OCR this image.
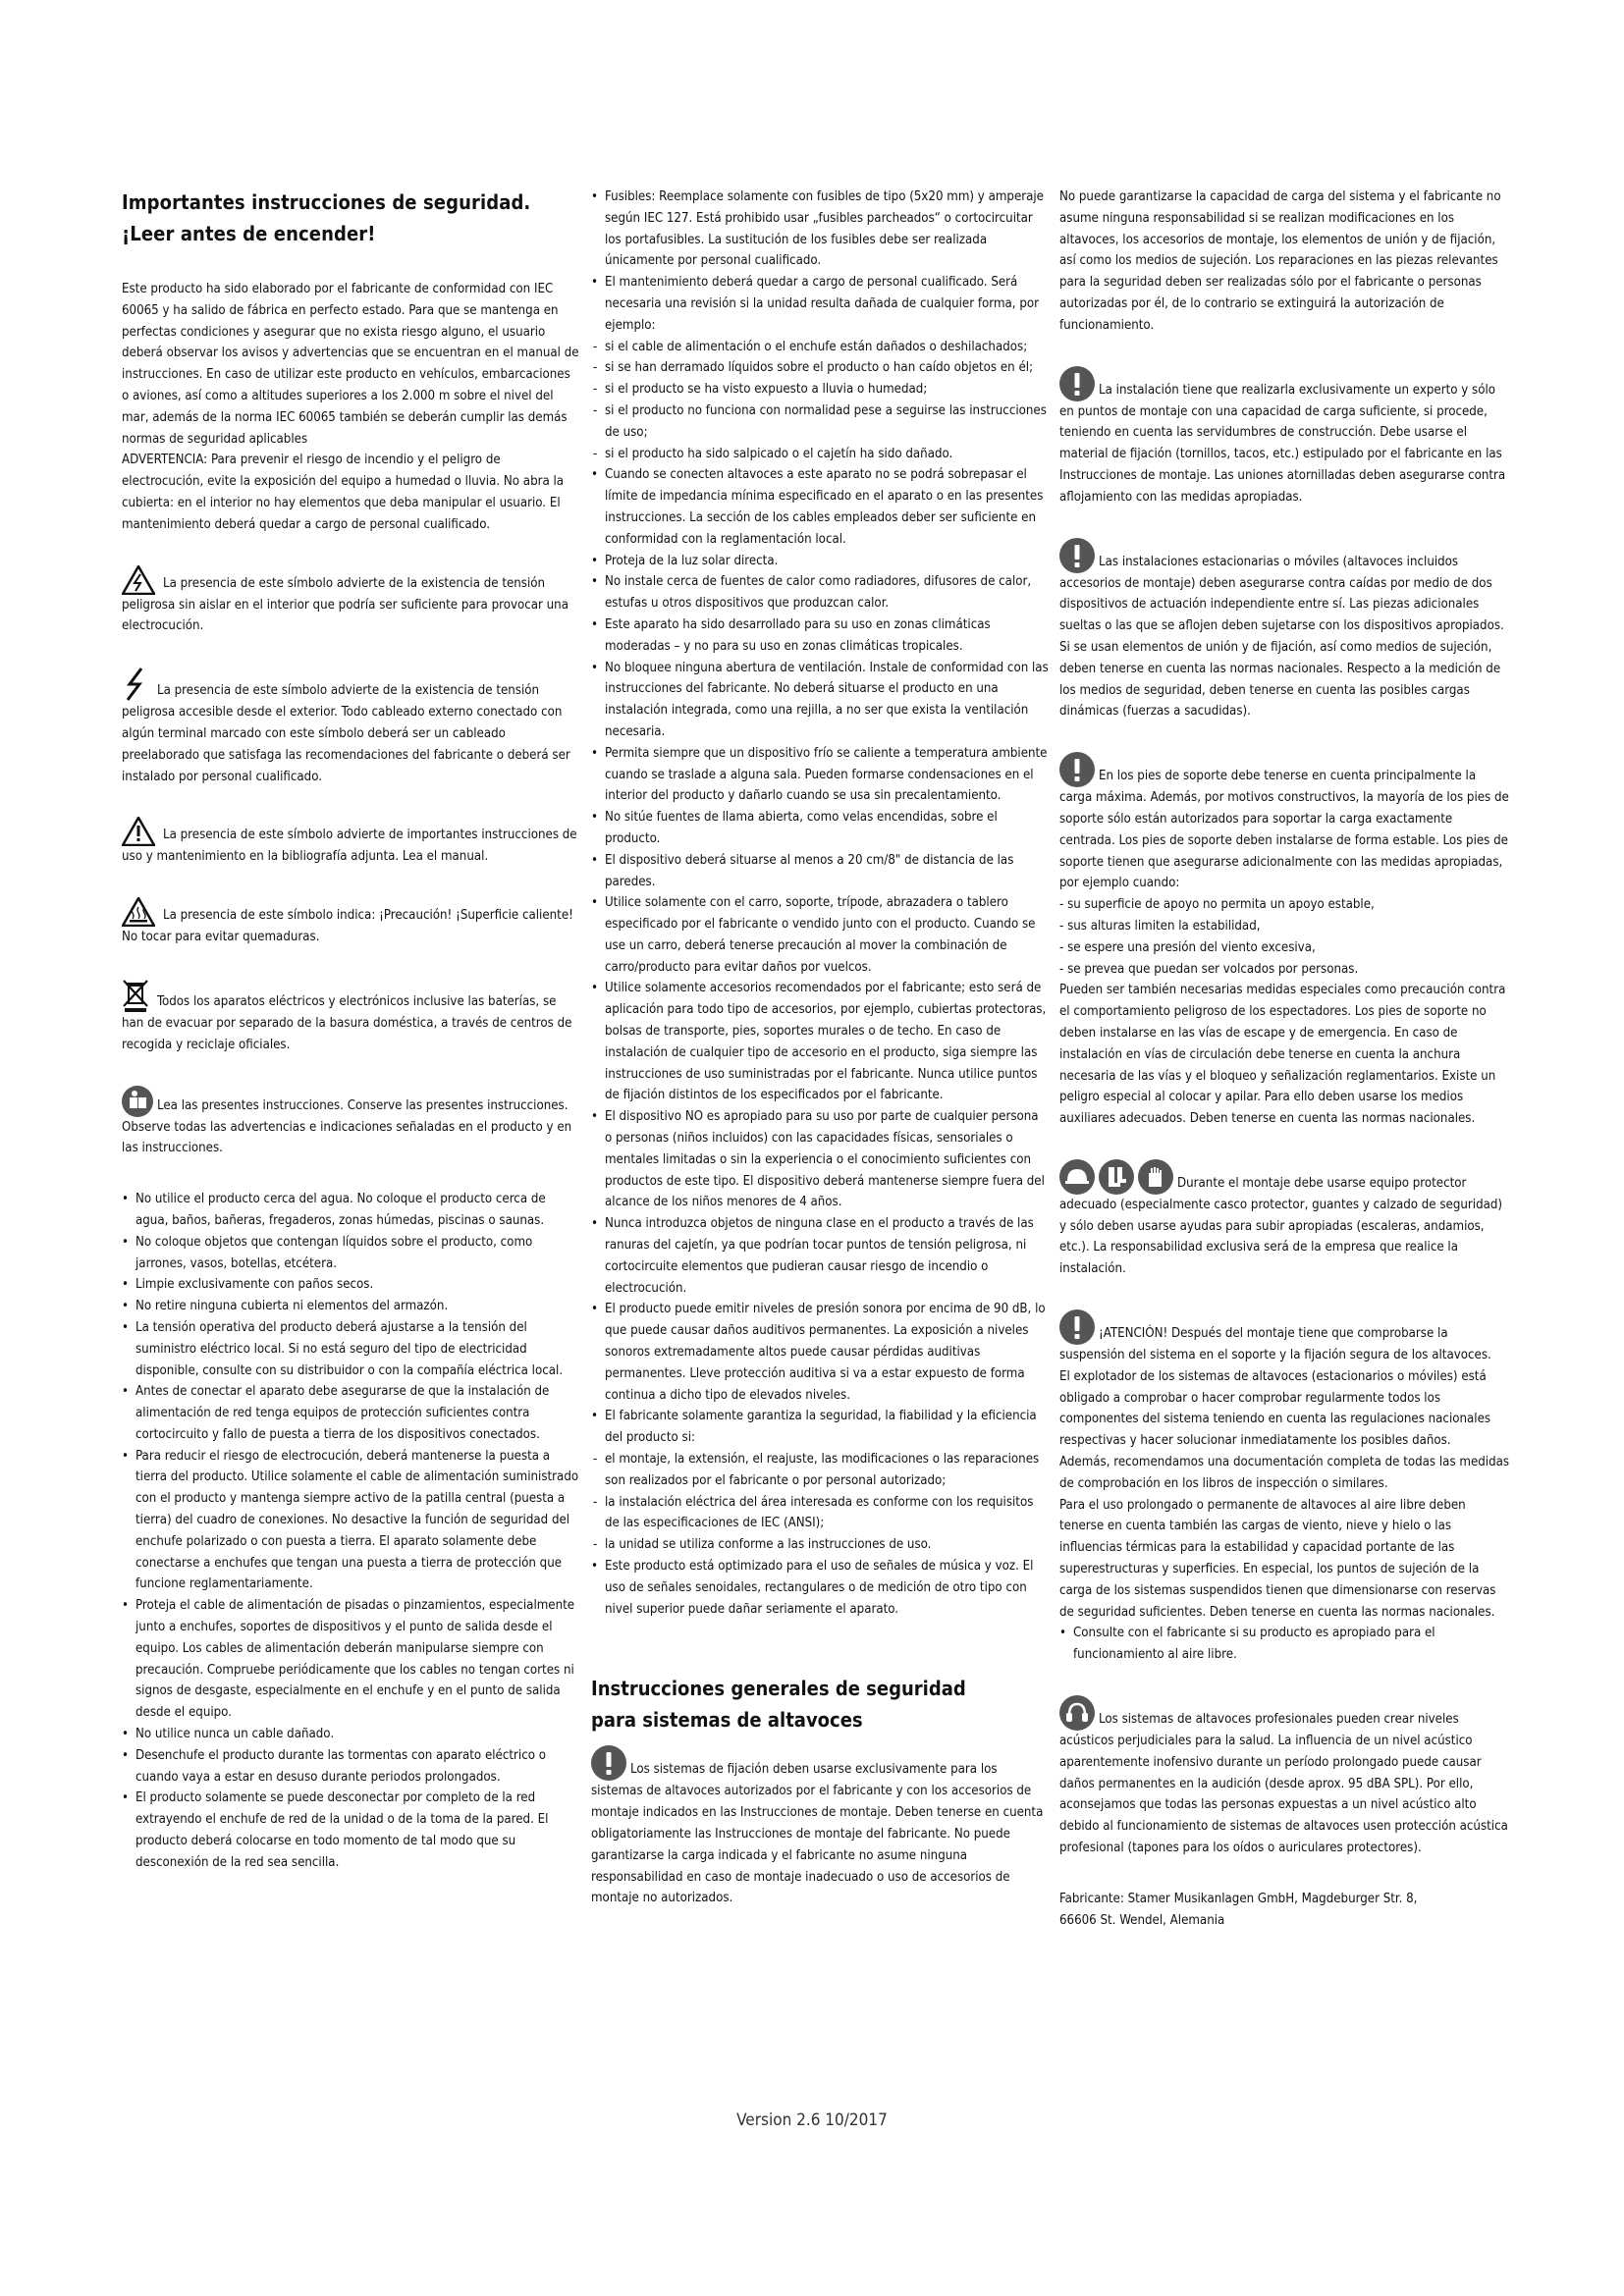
Importantes instrucciones de seguridad.
¡Leer antes de encender!

Este producto ha sido elaborado por el fabricante de conformidad con IEC 60065 y ha salido de fábrica en perfecto estado. Para que se mantenga en perfectas condiciones y asegurar que no exista riesgo alguno, el usuario deberá observar los avisos y advertencias que se encuentran en el manual de instrucciones. En caso de utilizar este producto en vehículos, embarcaciones o aviones, así como a altitudes superiores a los 2.000 m sobre el nivel del mar, además de la norma IEC 60065 también se deberán cumplir las demás normas de seguridad aplicables

ADVERTENCIA: Para prevenir el riesgo de incendio y el peligro de electrocución, evite la exposición del equipo a humedad o lluvia. No abra la cubierta: en el interior no hay elementos que deba manipular el usuario. El mantenimiento deberá quedar a cargo de personal cualificado.

La presencia de este símbolo advierte de la existencia de tensión peligrosa sin aislar en el interior que podría ser suficiente para provocar una electrocución.

La presencia de este símbolo advierte de la existencia de tensión peligrosa accesible desde el exterior. Todo cableado externo conectado con algún terminal marcado con este símbolo deberá ser un cableado preelaborado que satisfaga las recomendaciones del fabricante o deberá ser instalado por personal cualificado.

La presencia de este símbolo advierte de importantes instrucciones de uso y mantenimiento en la bibliografía adjunta. Lea el manual.

La presencia de este símbolo indica: ¡Precaución! ¡Superficie caliente! No tocar para evitar quemaduras.

Todos los aparatos eléctricos y electrónicos inclusive las baterías, se han de evacuar por separado de la basura doméstica, a través de centros de recogida y reciclaje oficiales.

Lea las presentes instrucciones. Conserve las presentes instrucciones. Observe todas las advertencias e indicaciones señaladas en el producto y en las instrucciones.

• No utilice el producto cerca del agua. No coloque el producto cerca de agua, baños, bañeras, fregaderos, zonas húmedas, piscinas o saunas.
• No coloque objetos que contengan líquidos sobre el producto, como jarrones, vasos, botellas, etcétera.
• Limpie exclusivamente con paños secos.
• No retire ninguna cubierta ni elementos del armazón.
• La tensión operativa del producto deberá ajustarse a la tensión del suministro eléctrico local. Si no está seguro del tipo de electricidad disponible, consulte con su distribuidor o con la compañía eléctrica local.
• Antes de conectar el aparato debe asegurarse de que la instalación de alimentación de red tenga equipos de protección suficientes contra cortocircuito y fallo de puesta a tierra de los dispositivos conectados.
• Para reducir el riesgo de electrocución, deberá mantenerse la puesta a tierra del producto. Utilice solamente el cable de alimentación suministrado con el producto y mantenga siempre activo de la patilla central (puesta a tierra) del cuadro de conexiones. No desactive la función de seguridad del enchufe polarizado o con puesta a tierra. El aparato solamente debe conectarse a enchufes que tengan una puesta a tierra de protección que funcione reglamentariamente.
• Proteja el cable de alimentación de pisadas o pinzamientos, especialmente junto a enchufes, soportes de dispositivos y el punto de salida desde el equipo. Los cables de alimentación deberán manipularse siempre con precaución. Compruebe periódicamente que los cables no tengan cortes ni signos de desgaste, especialmente en el enchufe y en el punto de salida desde el equipo.
• No utilice nunca un cable dañado.
• Desenchufe el producto durante las tormentas con aparato eléctrico o cuando vaya a estar en desuso durante periodos prolongados.
• El producto solamente se puede desconectar por completo de la red extrayendo el enchufe de red de la unidad o de la toma de la pared. El producto deberá colocarse en todo momento de tal modo que su desconexión de la red sea sencilla.
• Fusibles: Reemplace solamente con fusibles de tipo (5x20 mm) y amperaje según IEC 127. Está prohibido usar „fusibles parcheados“ o cortocircuitar los portafusibles. La sustitución de los fusibles debe ser realizada únicamente por personal cualificado.
• El mantenimiento deberá quedar a cargo de personal cualificado. Será necesaria una revisión si la unidad resulta dañada de cualquier forma, por ejemplo:
- si el cable de alimentación o el enchufe están dañados o deshilachados;
- si se han derramado líquidos sobre el producto o han caído objetos en él;
- si el producto se ha visto expuesto a lluvia o humedad;
- si el producto no funciona con normalidad pese a seguirse las instrucciones de uso;
- si el producto ha sido salpicado o el cajetín ha sido dañado.
• Cuando se conecten altavoces a este aparato no se podrá sobrepasar el límite de impedancia mínima especificado en el aparato o en las presentes instrucciones. La sección de los cables empleados deber ser suficiente en conformidad con la reglamentación local.
• Proteja de la luz solar directa.
• No instale cerca de fuentes de calor como radiadores, difusores de calor, estufas u otros dispositivos que produzcan calor.
• Este aparato ha sido desarrollado para su uso en zonas climáticas moderadas – y no para su uso en zonas climáticas tropicales.
• No bloquee ninguna abertura de ventilación. Instale de conformidad con las instrucciones del fabricante. No deberá situarse el producto en una instalación integrada, como una rejilla, a no ser que exista la ventilación necesaria.
• Permita siempre que un dispositivo frío se caliente a temperatura ambiente cuando se traslade a alguna sala. Pueden formarse condensaciones en el interior del producto y dañarlo cuando se usa sin precalentamiento.
• No sitúe fuentes de llama abierta, como velas encendidas, sobre el producto.
• El dispositivo deberá situarse al menos a 20 cm/8" de distancia de las paredes.
• Utilice solamente con el carro, soporte, trípode, abrazadera o tablero especificado por el fabricante o vendido junto con el producto. Cuando se use un carro, deberá tenerse precaución al mover la combinación de carro/producto para evitar daños por vuelcos.
• Utilice solamente accesorios recomendados por el fabricante; esto será de aplicación para todo tipo de accesorios, por ejemplo, cubiertas protectoras, bolsas de transporte, pies, soportes murales o de techo. En caso de instalación de cualquier tipo de accesorio en el producto, siga siempre las instrucciones de uso suministradas por el fabricante. Nunca utilice puntos de fijación distintos de los especificados por el fabricante.
• El dispositivo NO es apropiado para su uso por parte de cualquier persona o personas (niños incluidos) con las capacidades físicas, sensoriales o mentales limitadas o sin la experiencia o el conocimiento suficientes con productos de este tipo. El dispositivo deberá mantenerse siempre fuera del alcance de los niños menores de 4 años.
• Nunca introduzca objetos de ninguna clase en el producto a través de las ranuras del cajetín, ya que podrían tocar puntos de tensión peligrosa, ni cortocircuite elementos que pudieran causar riesgo de incendio o electrocución.
• El producto puede emitir niveles de presión sonora por encima de 90 dB, lo que puede causar daños auditivos permanentes. La exposición a niveles sonoros extremadamente altos puede causar pérdidas auditivas permanentes. Lleve protección auditiva si va a estar expuesto de forma continua a dicho tipo de elevados niveles.
• El fabricante solamente garantiza la seguridad, la fiabilidad y la eficiencia del producto si:
- el montaje, la extensión, el reajuste, las modificaciones o las reparaciones son realizados por el fabricante o por personal autorizado;
- la instalación eléctrica del área interesada es conforme con los requisitos de las especificaciones de IEC (ANSI);
- la unidad se utiliza conforme a las instrucciones de uso.
• Este producto está optimizado para el uso de señales de música y voz. El uso de señales senoidales, rectangulares o de medición de otro tipo con nivel superior puede dañar seriamente el aparato.
Instrucciones generales de seguridad
para sistemas de altavoces

Los sistemas de fijación deben usarse exclusivamente para los sistemas de altavoces autorizados por el fabricante y con los accesorios de montaje indicados en las Instrucciones de montaje. Deben tenerse en cuenta obligatoriamente las Instrucciones de montaje del fabricante. No puede garantizarse la carga indicada y el fabricante no asume ninguna responsabilidad en caso de montaje inadecuado o uso de accesorios de montaje no autorizados.

No puede garantizarse la capacidad de carga del sistema y el fabricante no asume ninguna responsabilidad si se realizan modificaciones en los altavoces, los accesorios de montaje, los elementos de unión y de fijación, así como los medios de sujeción. Los reparaciones en las piezas relevantes para la seguridad deben ser realizadas sólo por el fabricante o personas autorizadas por él, de lo contrario se extinguirá la autorización de funcionamiento.

La instalación tiene que realizarla exclusivamente un experto y sólo en puntos de montaje con una capacidad de carga suficiente, si procede, teniendo en cuenta las servidumbres de construcción. Debe usarse el material de fijación (tornillos, tacos, etc.) estipulado por el fabricante en las Instrucciones de montaje. Las uniones atornilladas deben asegurarse contra aflojamiento con las medidas apropiadas.

Las instalaciones estacionarias o móviles (altavoces incluidos accesorios de montaje) deben asegurarse contra caídas por medio de dos dispositivos de actuación independiente entre sí. Las piezas adicionales sueltas o las que se aflojen deben sujetarse con los dispositivos apropiados. Si se usan elementos de unión y de fijación, así como medios de sujeción, deben tenerse en cuenta las normas nacionales. Respecto a la medición de los medios de seguridad, deben tenerse en cuenta las posibles cargas dinámicas (fuerzas a sacudidas).

En los pies de soporte debe tenerse en cuenta principalmente la carga máxima. Además, por motivos constructivos, la mayoría de los pies de soporte sólo están autorizados para soportar la carga exactamente centrada. Los pies de soporte deben instalarse de forma estable. Los pies de soporte tienen que asegurarse adicionalmente con las medidas apropiadas, por ejemplo cuando:

- su superficie de apoyo no permita un apoyo estable,
- sus alturas limiten la estabilidad,
- se espere una presión del viento excesiva,
- se prevea que puedan ser volcados por personas.

Pueden ser también necesarias medidas especiales como precaución contra el comportamiento peligroso de los espectadores. Los pies de soporte no deben instalarse en las vías de escape y de emergencia. En caso de instalación en vías de circulación debe tenerse en cuenta la anchura necesaria de las vías y el bloqueo y señalización reglamentarios. Existe un peligro especial al colocar y apilar. Para ello deben usarse los medios auxiliares adecuados. Deben tenerse en cuenta las normas nacionales.

Durante el montaje debe usarse equipo protector adecuado (especialmente casco protector, guantes y calzado de seguridad) y sólo deben usarse ayudas para subir apropiadas (escaleras, andamios, etc.). La responsabilidad exclusiva será de la empresa que realice la instalación.

¡ATENCIÓN! Después del montaje tiene que comprobarse la suspensión del sistema en el soporte y la fijación segura de los altavoces.

El explotador de los sistemas de altavoces (estacionarios o móviles) está obligado a comprobar o hacer comprobar regularmente todos los componentes del sistema teniendo en cuenta las regulaciones nacionales respectivas y hacer solucionar inmediatamente los posibles daños.

Además, recomendamos una documentación completa de todas las medidas de comprobación en los libros de inspección o similares.

Para el uso prolongado o permanente de altavoces al aire libre deben tenerse en cuenta también las cargas de viento, nieve y hielo o las influencias térmicas para la estabilidad y capacidad portante de las superestructuras y superficies. En especial, los puntos de sujeción de la carga de los sistemas suspendidos tienen que dimensionarse con reservas de seguridad suficientes. Deben tenerse en cuenta las normas nacionales.

• Consulte con el fabricante si su producto es apropiado para el funcionamiento al aire libre.

Los sistemas de altavoces profesionales pueden crear niveles acústicos perjudiciales para la salud. La influencia de un nivel acústico aparentemente inofensivo durante un período prolongado puede causar daños permanentes en la audición (desde aprox. 95 dBA SPL). Por ello, aconsejamos que todas las personas expuestas a un nivel acústico alto debido al funcionamiento de sistemas de altavoces usen protección acústica profesional (tapones para los oídos o auriculares protectores).

Fabricante: Stamer Musikanlagen GmbH, Magdeburger Str. 8,
66606 St. Wendel, Alemania

Version 2.6 10/2017
